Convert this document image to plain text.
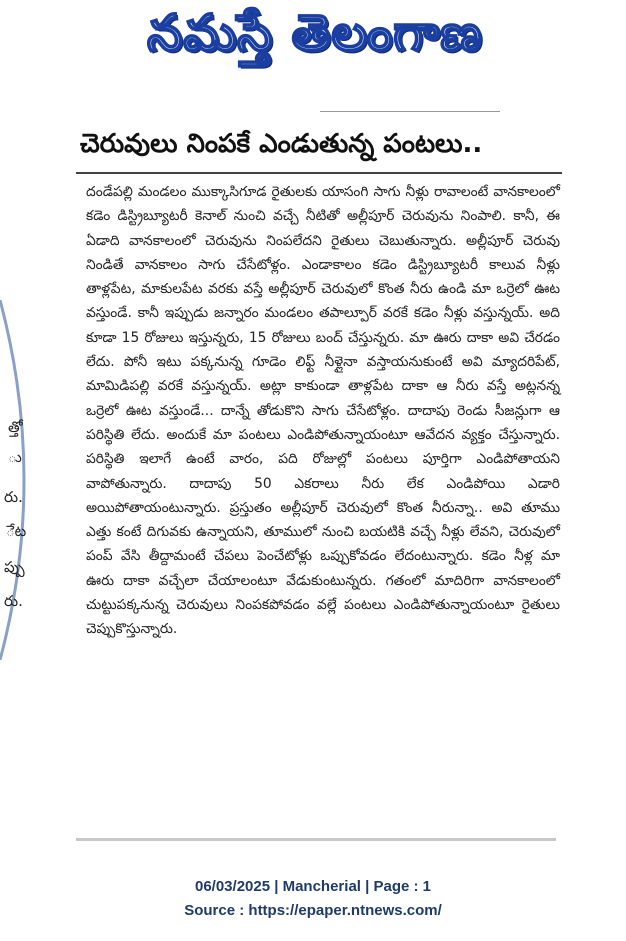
నమస్తే తెలంగాణ
చెరువులు నింపకే ఎండుతున్న పంటలు..
దండేపల్లి మండలం ముక్కాసిగూడ రైతులకు యాసంగి సాగు నీళ్లు రావాలంటే వానకాలంలో కడెం డిస్ట్రిబ్యూటరీ కెనాల్ నుంచి వచ్చే నీటితో అల్లీపూర్ చెరువును నింపాలి. కానీ, ఈ ఏడాది వానకాలంలో చెరువును నింపలేదని రైతులు చెబుతున్నారు. అల్లీపూర్ చెరువు నిండితే వానకాలం సాగు చేసేటోళ్లం. ఎండాకాలం కడెం డిస్ట్రిబ్యూటరీ కాలువ నీళ్లు తాళ్లపేట, మాకులపేట వరకు వస్తే అల్లీపూర్ చెరువులో కొంత నీరు ఉండి మా ఒర్రెలో ఊట వస్తుండే. కానీ ఇప్పుడు జన్నారం మండలం తపాల్పూర్ వరకే కడెం నీళ్లు వస్తున్నయ్. అది కూడా 15 రోజులు ఇస్తున్నరు, 15 రోజులు బంద్ చేస్తున్నరు. మా ఊరు దాకా అవి చేరడం లేదు. పోనీ ఇటు పక్కనున్న గూడెం లిఫ్ట్ నీళ్లైనా వస్తాయనుకుంటే అవి మ్యాదరిపేట్, మామిడిపల్లి వరకే వస్తున్నయ్. అట్లా కాకుండా తాళ్లపేట దాకా ఆ నీరు వస్తే అట్లనన్న ఒర్రెలో ఊట వస్తుండే... దాన్నే తోడుకొని సాగు చేసేటోళ్లం. దాదాపు రెండు సీజన్లుగా ఆ పరిస్థితి లేదు. అందుకే మా పంటలు ఎండిపోతున్నాయంటూ ఆవేదన వ్యక్తం చేస్తున్నారు. పరిస్థితి ఇలాగే ఉంటే వారం, పది రోజుల్లో పంటలు పూర్తిగా ఎండిపోతాయని వాపోతున్నారు. దాదాపు 50 ఎకరాలు నీరు లేక ఎండిపోయి ఎడారి అయిపోతాయంటున్నారు. ప్రస్తుతం అల్లీపూర్ చెరువులో కొంత నీరున్నా.. అవి తూము ఎత్తు కంటే దిగువకు ఉన్నాయని, తూములో నుంచి బయటికి వచ్చే నీళ్లు లేవని, చెరువులో పంప్ వేసి తీద్దామంటే చేపలు పెంచేటోళ్లు ఒప్పుకోవడం లేదంటున్నారు. కడెం నీళ్ల మా ఊరు దాకా వచ్చేలా చేయాలంటూ వేడుకుంటున్నరు. గతంలో మాదిరిగా వానకాలంలో చుట్టుపక్కనున్న చెరువులు నింపకపోవడం వల్లే పంటలు ఎండిపోతున్నాయంటూ రైతులు చెప్పుకొస్తున్నారు.
త్తో
ు
రు.
ేట
ప్పు
రు.
06/03/2025 | Mancherial | Page : 1
Source : https://epaper.ntnews.com/
